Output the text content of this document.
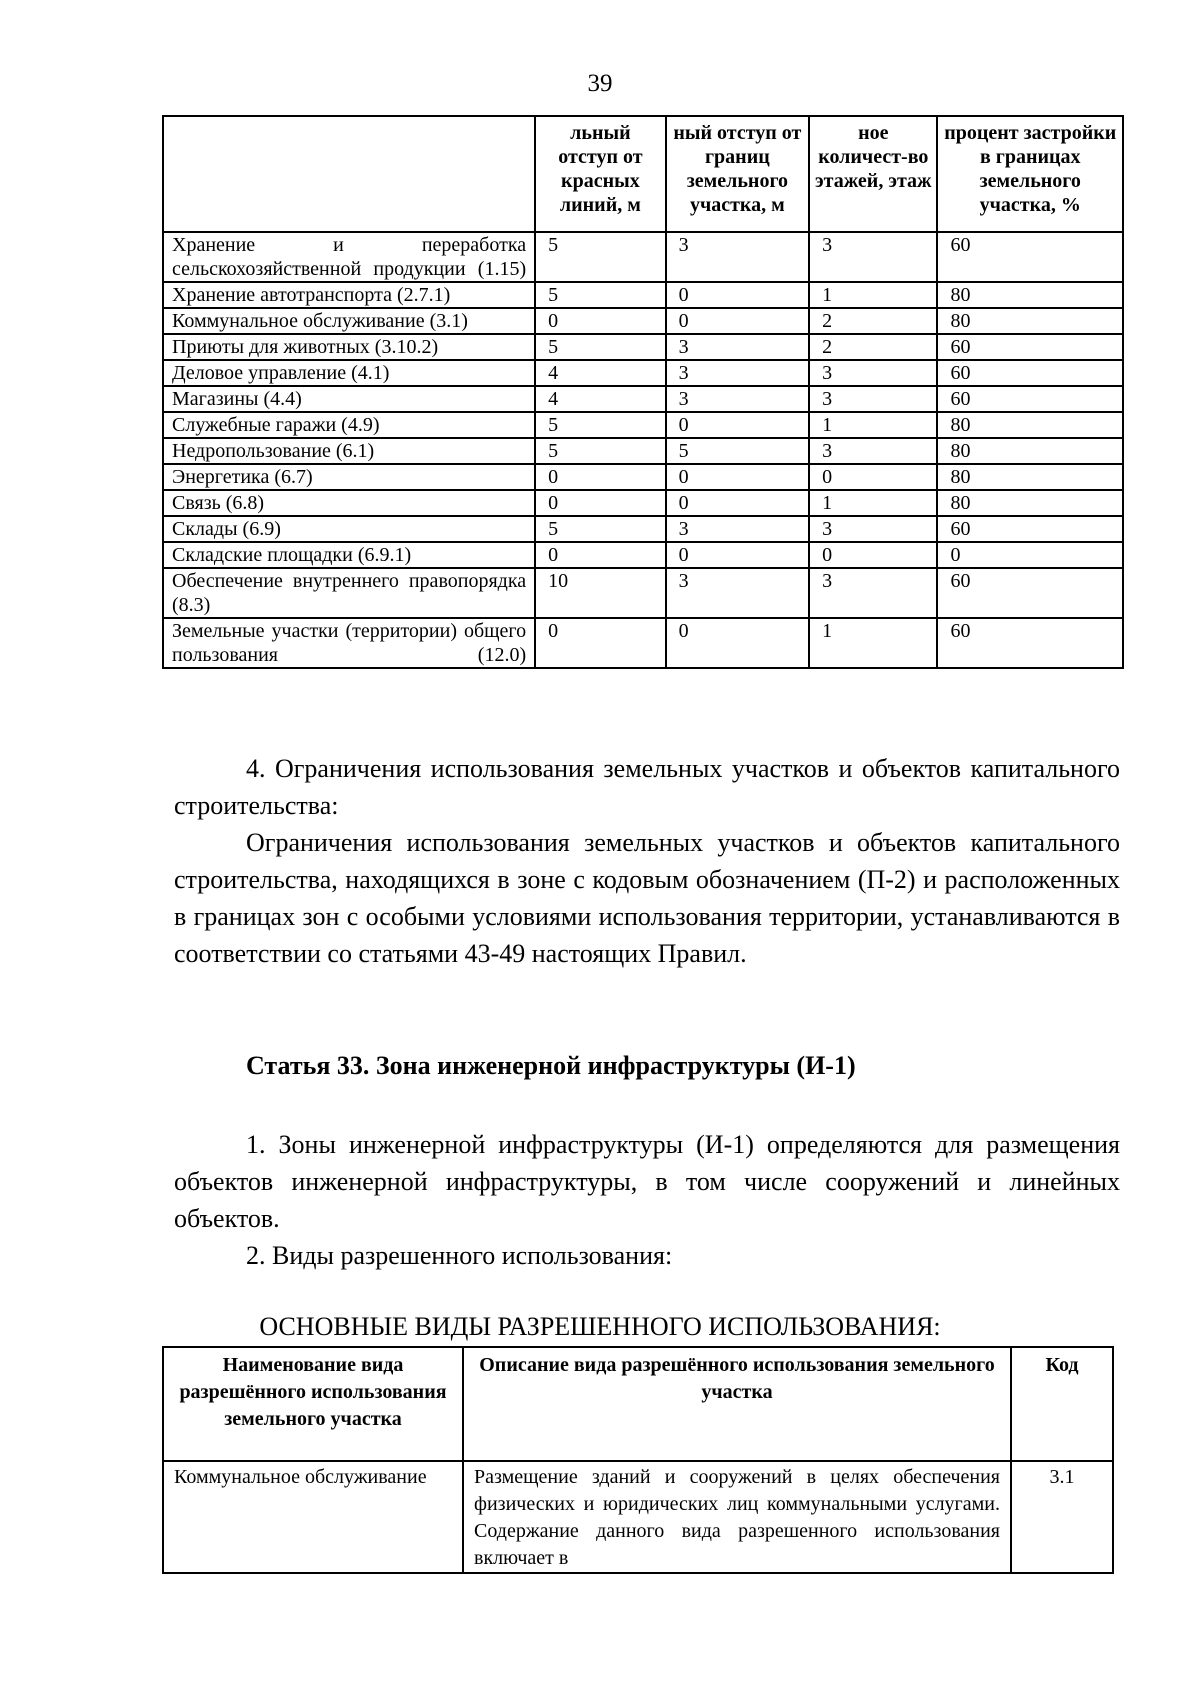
39
	льный отступ от красных линий, м	ный отступ от границ земельного участка, м	ное количест-во этажей, этаж	процент застройки в границах земельного участка, %
Хранение и переработка сельскохозяйственной продукции (1.15)	5	3	3	60
Хранение автотранспорта (2.7.1)	5	0	1	80
Коммунальное обслуживание (3.1)	0	0	2	80
Приюты для животных (3.10.2)	5	3	2	60
Деловое управление (4.1)	4	3	3	60
Магазины (4.4)	4	3	3	60
Служебные гаражи (4.9)	5	0	1	80
Недропользование (6.1)	5	5	3	80
Энергетика (6.7)	0	0	0	80
Связь (6.8)	0	0	1	80
Склады (6.9)	5	3	3	60
Складские площадки (6.9.1)	0	0	0	0
Обеспечение внутреннего правопорядка (8.3)	10	3	3	60
Земельные участки (территории) общего пользования (12.0)	0	0	1	60

4. Ограничения использования земельных участков и объектов капитального строительства:

Ограничения использования земельных участков и объектов капитального строительства, находящихся в зоне с кодовым обозначением (П-2) и расположенных в границах зон с особыми условиями использования территории, устанавливаются в соответствии со статьями 43-49 настоящих Правил.

Статья 33. Зона инженерной инфраструктуры (И-1)

1. Зоны инженерной инфраструктуры (И-1) определяются для размещения объектов инженерной инфраструктуры, в том числе сооружений и линейных объектов.

2. Виды разрешенного использования:

ОСНОВНЫЕ ВИДЫ РАЗРЕШЕННОГО ИСПОЛЬЗОВАНИЯ:

Наименование вида разрешённого использования земельного участка	Описание вида разрешённого использования земельного участка	Код
Коммунальное обслуживание	Размещение зданий и сооружений в целях обеспечения физических и юридических лиц коммунальными услугами. Содержание данного вида разрешенного использования включает в	3.1
